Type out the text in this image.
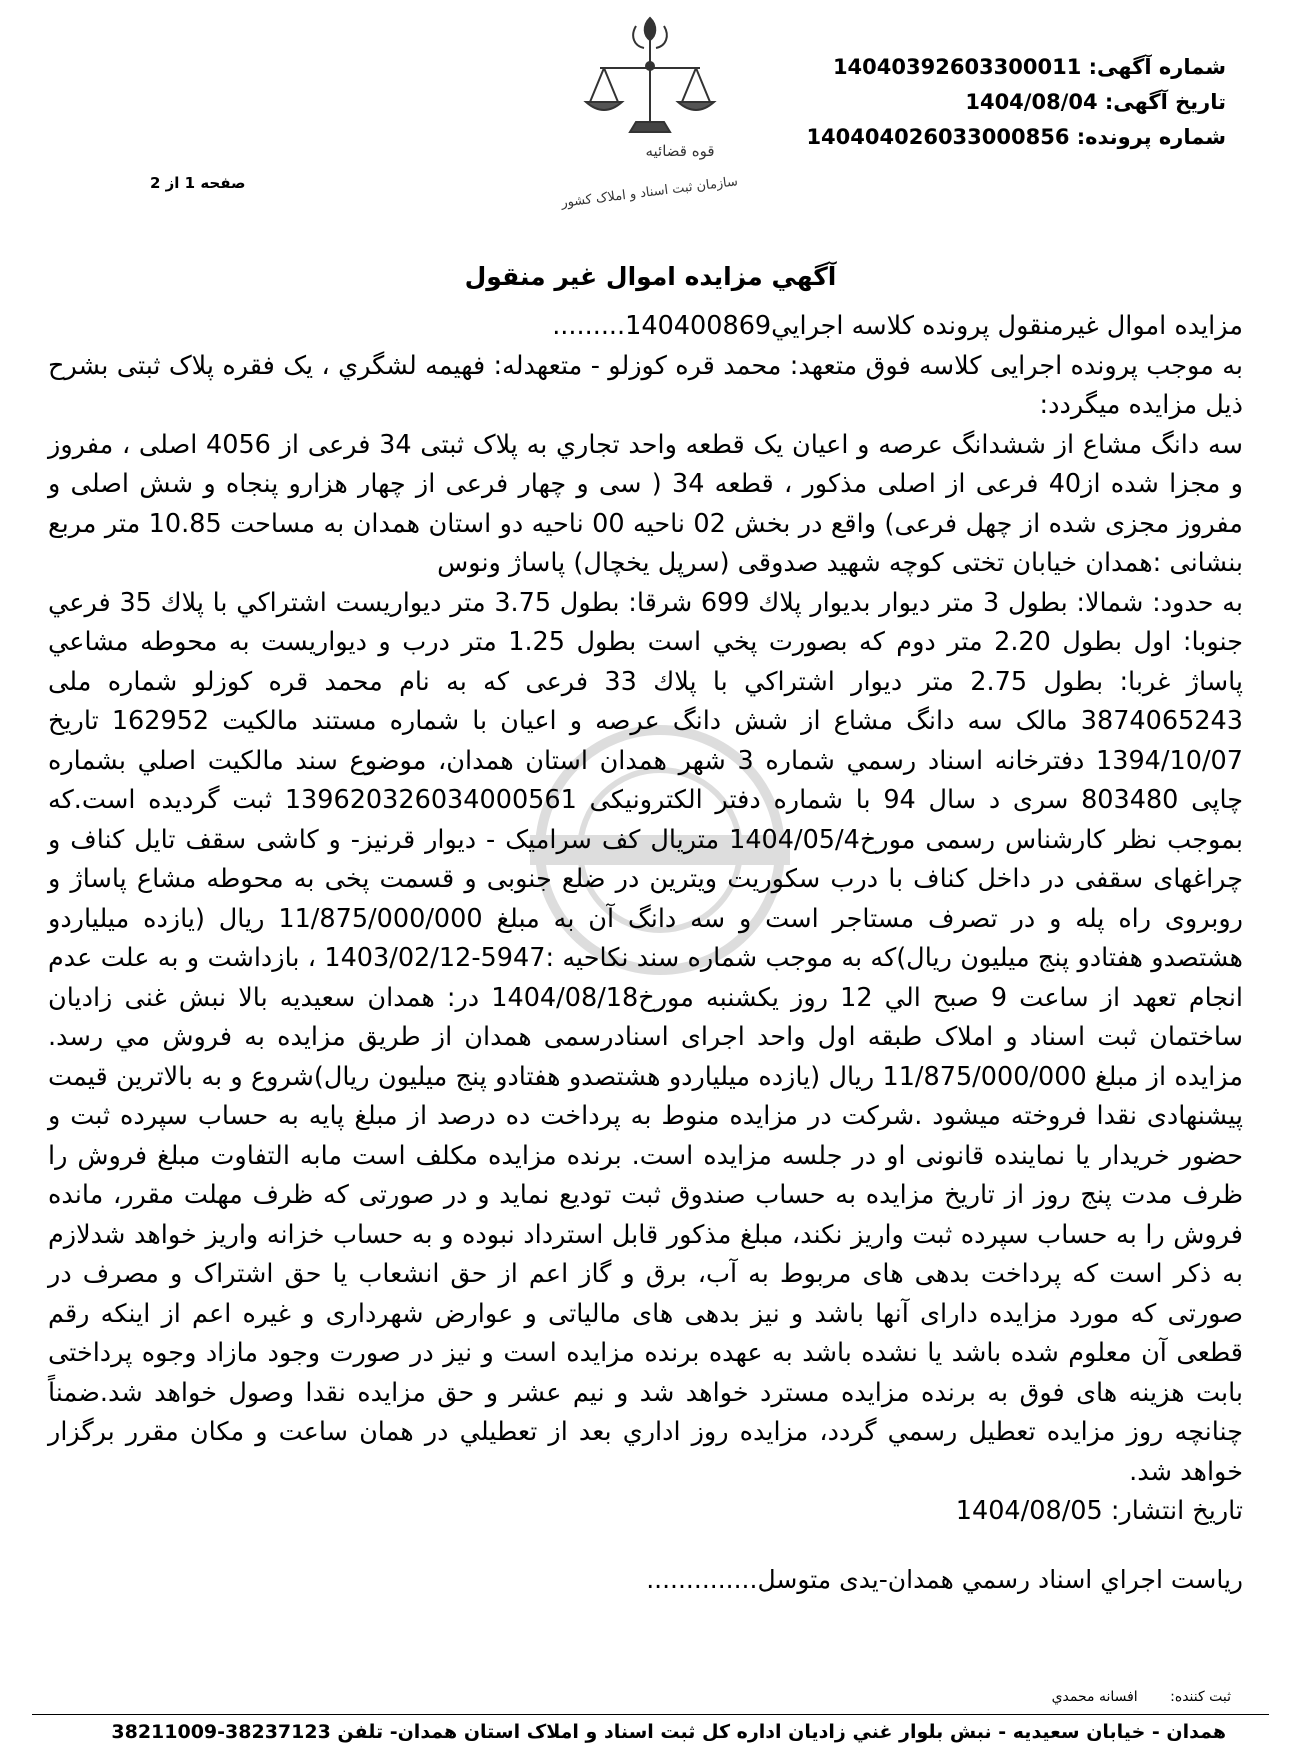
شماره آگهی: 14040392603300011
تاریخ آگهی: 1404/08/04
شماره پرونده: 140404026033000856
صفحه 1 از 2
قوه قضائیه
سازمان ثبت اسناد و املاک کشور
آگهي مزايده اموال غير منقول

مزايده اموال غيرمنقول پرونده كلاسه اجرايي140400869.........

به موجب پرونده اجرایی کلاسه فوق متعهد: محمد قره کوزلو - متعهدله: فهیمه لشگري ، یک فقره پلاک ثبتی بشرح ذیل مزایده میگردد:

سه دانگ مشاع از ششدانگ عرصه و اعيان يک قطعه واحد تجاري به پلاک ثبتی 34 فرعی از 4056 اصلی ، مفروز و مجزا شده از40 فرعی از اصلی مذکور ، قطعه 34 ( سی و چهار فرعی از چهار هزارو پنجاه و شش اصلی و مفروز مجزی شده از چهل فرعی) واقع در بخش 02 ناحیه 00 ناحیه دو استان همدان به مساحت 10.85 متر مربع بنشانی :همدان خیابان تختی کوچه شهید صدوقی (سرپل یخچال) پاساژ ونوس

به حدود: شمالا: بطول 3 متر ديوار بديوار پلاك 699 شرقا: بطول 3.75 متر ديواريست اشتراكي با پلاك 35 فرعي جنوبا: اول بطول 2.20 متر دوم كه بصورت پخي است بطول 1.25 متر درب و ديواريست به محوطه مشاعي پاساژ غربا: بطول 2.75 متر ديوار اشتراكي با پلاك 33 فرعی که به نام محمد قره کوزلو شماره ملی 3874065243 مالک سه دانگ مشاع از شش دانگ عرصه و اعیان با شماره مستند مالکیت 162952 تاريخ 1394/10/07 دفترخانه اسناد رسمي شماره 3 شهر همدان استان همدان، موضوع سند مالكيت اصلي بشماره چاپی 803480 سری د سال 94 با شماره دفتر الکترونیکی 139620326034000561 ثبت گرديده است.که بموجب نظر کارشناس رسمی مورخ1404/05/4 متریال کف سرامیک - دیوار قرنیز- و کاشی سقف تایل کناف و چراغهای سقفی در داخل کناف با درب سکوریت ویترین در ضلع جنوبی و قسمت پخی به محوطه مشاع پاساژ و روبروی راه پله و در تصرف مستاجر است و سه دانگ آن به مبلغ 11/875/000/000 ریال (یازده میلیاردو هشتصدو هفتادو پنج میلیون ریال)که به موجب شماره سند نکاحیه :5947-1403/02/12 ، بازداشت و به علت عدم انجام تعهد از ساعت 9 صبح الي 12 روز يكشنبه مورخ1404/08/18 در: همدان سعيديه بالا نبش غنى زاديان ساختمان ثبت اسناد و املاک طبقه اول واحد اجراى اسنادرسمی همدان از طريق مزايده به فروش مي رسد. مزايده از مبلغ 11/875/000/000 ریال (یازده میلیاردو هشتصدو هفتادو پنج میلیون ریال)شروع و به بالاترين قيمت پيشنهادى نقدا فروخته ميشود .شرکت در مزایده منوط به پرداخت ده درصد از مبلغ پایه به حساب سپرده ثبت و حضور خریدار یا نماینده قانونی او در جلسه مزایده است. برنده مزايده مكلف است مابه التفاوت مبلغ فروش را ظرف مدت پنج روز از تاریخ مزایده به حساب صندوق ثبت توديع نمايد و در صورتى كه ظرف مهلت مقرر، مانده فروش را به حساب سپرده ثبت واريز نكند، مبلغ مذكور قابل استرداد نبوده و به حساب خزانه واريز خواهد شدلازم به ذکر است که پرداخت بدهی های مربوط به آب، برق و گاز اعم از حق انشعاب يا حق اشتراک و مصرف در صورتی که مورد مزايده دارای آنها باشد و نيز بدهی های مالياتی و عوارض شهرداری و غيره اعم از اينکه رقم قطعی آن معلوم شده باشد يا نشده باشد به عهده برنده مزايده است و نيز در صورت وجود مازاد وجوه پرداختی بابت هزينه های فوق به برنده مزايده مسترد خواهد شد و نيم عشر و حق مزايده نقدا وصول خواهد شد.ضمناً چنانچه روز مزايده تعطيل رسمي گردد، مزايده روز اداري بعد از تعطيلي در همان ساعت و مكان مقرر برگزار خواهد شد.

تاريخ انتشار: 1404/08/05

رياست اجراي اسناد رسمي همدان-يدى متوسل..............
ثبت کننده: افسانه محمدي
همدان - خیابان سعیدیه - نبش بلوار غني زاديان اداره کل ثبت اسناد و املاک استان همدان- تلفن 38237123-38211009
